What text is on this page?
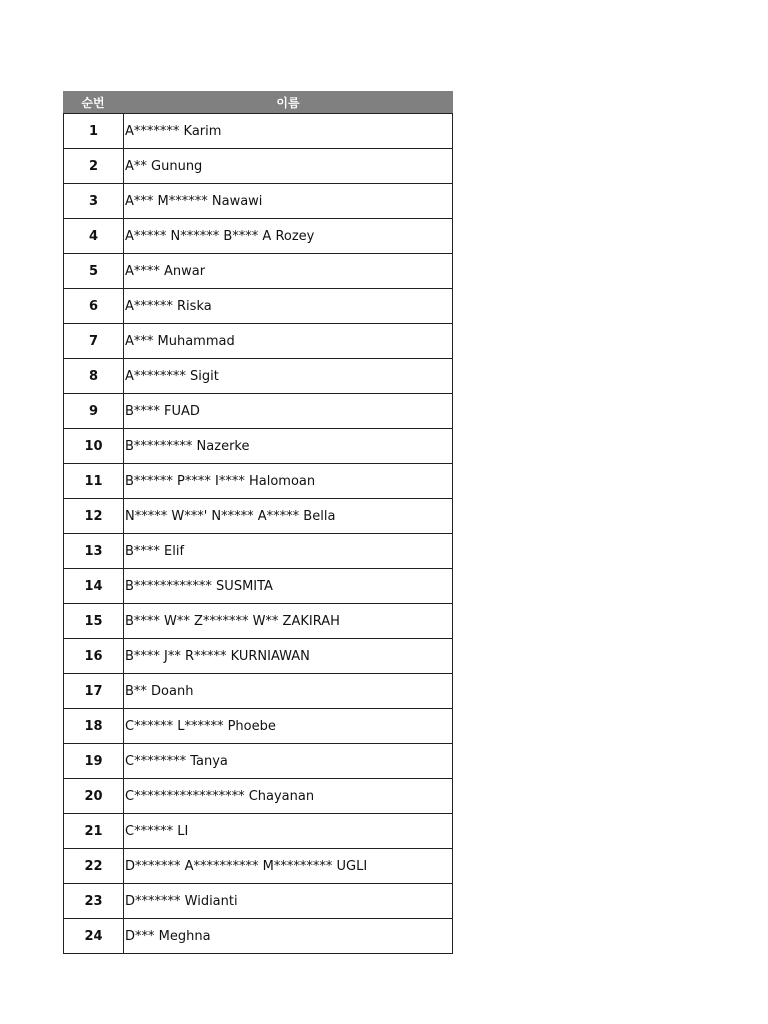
순번	이름
1	A******* Karim
2	A** Gunung
3	A*** M****** Nawawi
4	A***** N****** B**** A Rozey
5	A**** Anwar
6	A****** Riska
7	A*** Muhammad
8	A******** Sigit
9	B**** FUAD
10	B********* Nazerke
11	B****** P**** I**** Halomoan
12	N***** W***' N***** A***** Bella
13	B**** Elif
14	B************ SUSMITA
15	B**** W** Z******* W** ZAKIRAH
16	B**** J** R***** KURNIAWAN
17	B** Doanh
18	C****** L****** Phoebe
19	C******** Tanya
20	C***************** Chayanan
21	C****** LI
22	D******* A********** M********* UGLI
23	D******* Widianti
24	D*** Meghna
